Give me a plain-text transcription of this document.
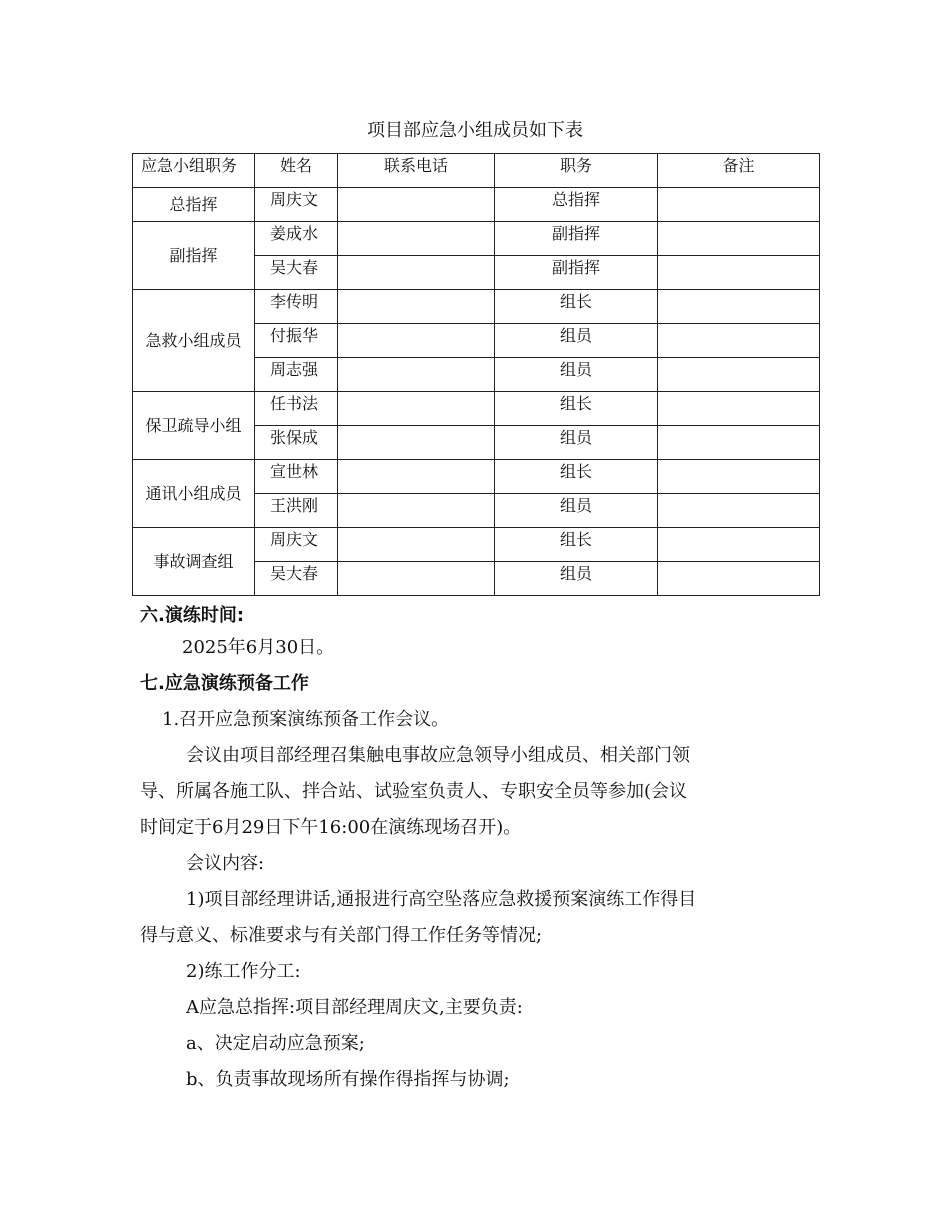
项目部应急小组成员如下表
应急小组职务	姓名	联系电话	职务	备注
总指挥	周庆文		总指挥	
副指挥	姜成水		副指挥	
	吴大春		副指挥	
急救小组成员	李传明		组长	
	付振华		组员	
	周志强		组员	
保卫疏导小组	任书法		组长	
	张保成		组员	
通讯小组成员	宣世林		组长	
	王洪刚		组员	
事故调查组	周庆文		组长	
	吴大春		组员	
六.演练时间:
2025年6月30日。
七.应急演练预备工作
1.召开应急预案演练预备工作会议。
会议由项目部经理召集触电事故应急领导小组成员、相关部门领
导、所属各施工队、拌合站、试验室负责人、专职安全员等参加(会议
时间定于6月29日下午16:00在演练现场召开)。
会议内容:
1)项目部经理讲话,通报进行高空坠落应急救援预案演练工作得目
得与意义、标准要求与有关部门得工作任务等情况;
2)练工作分工:
A应急总指挥:项目部经理周庆文,主要负责:
a、决定启动应急预案;
b、负责事故现场所有操作得指挥与协调;
